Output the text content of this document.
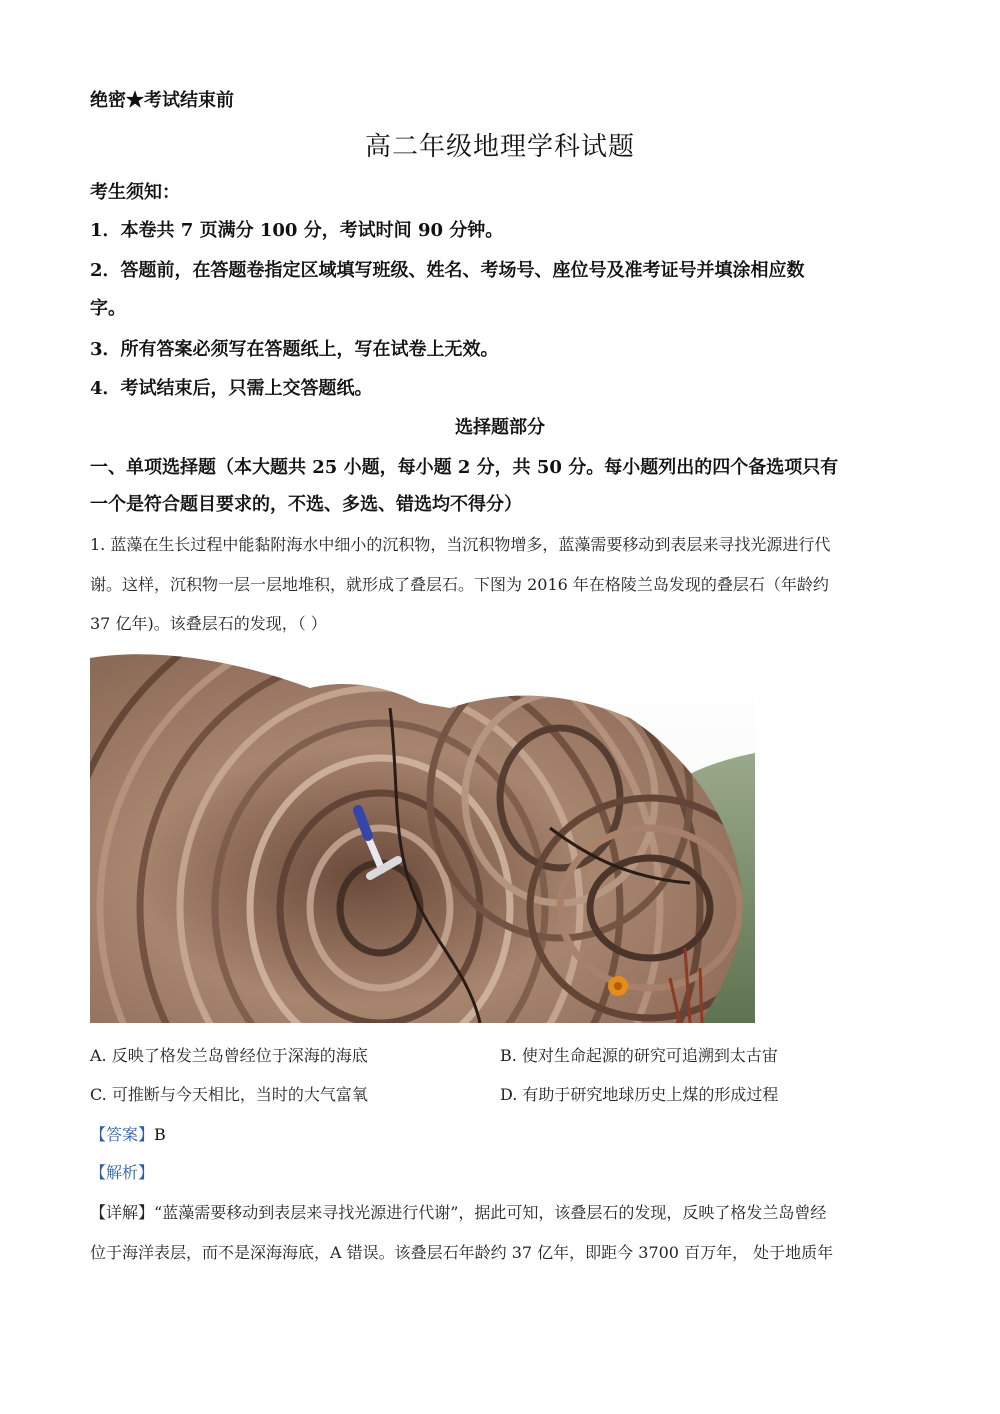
绝密★考试结束前
高二年级地理学科试题
考生须知：
1．本卷共 7 页满分 100 分，考试时间 90 分钟。
2．答题前，在答题卷指定区域填写班级、姓名、考场号、座位号及准考证号并填涂相应数
字。
3．所有答案必须写在答题纸上，写在试卷上无效。
4．考试结束后，只需上交答题纸。
选择题部分
一、单项选择题（本大题共 25 小题，每小题 2 分，共 50 分。每小题列出的四个备选项只有
一个是符合题目要求的，不选、多选、错选均不得分）
1. 蓝藻在生长过程中能黏附海水中细小的沉积物，当沉积物增多，蓝藻需要移动到表层来寻找光源进行代
谢。这样，沉积物一层一层地堆积，就形成了叠层石。下图为 2016 年在格陵兰岛发现的叠层石（年龄约
37 亿年)。该叠层石的发现，（ ）
A. 反映了格发兰岛曾经位于深海的海底	B. 使对生命起源的研究可追溯到太古宙
C. 可推断与今天相比，当时的大气富氧	D. 有助于研究地球历史上煤的形成过程
【答案】B
【解析】
【详解】“蓝藻需要移动到表层来寻找光源进行代谢”，据此可知，该叠层石的发现，反映了格发兰岛曾经
位于海洋表层，而不是深海海底，A 错误。该叠层石年龄约 37 亿年，即距今 3700 百万年， 处于地质年
